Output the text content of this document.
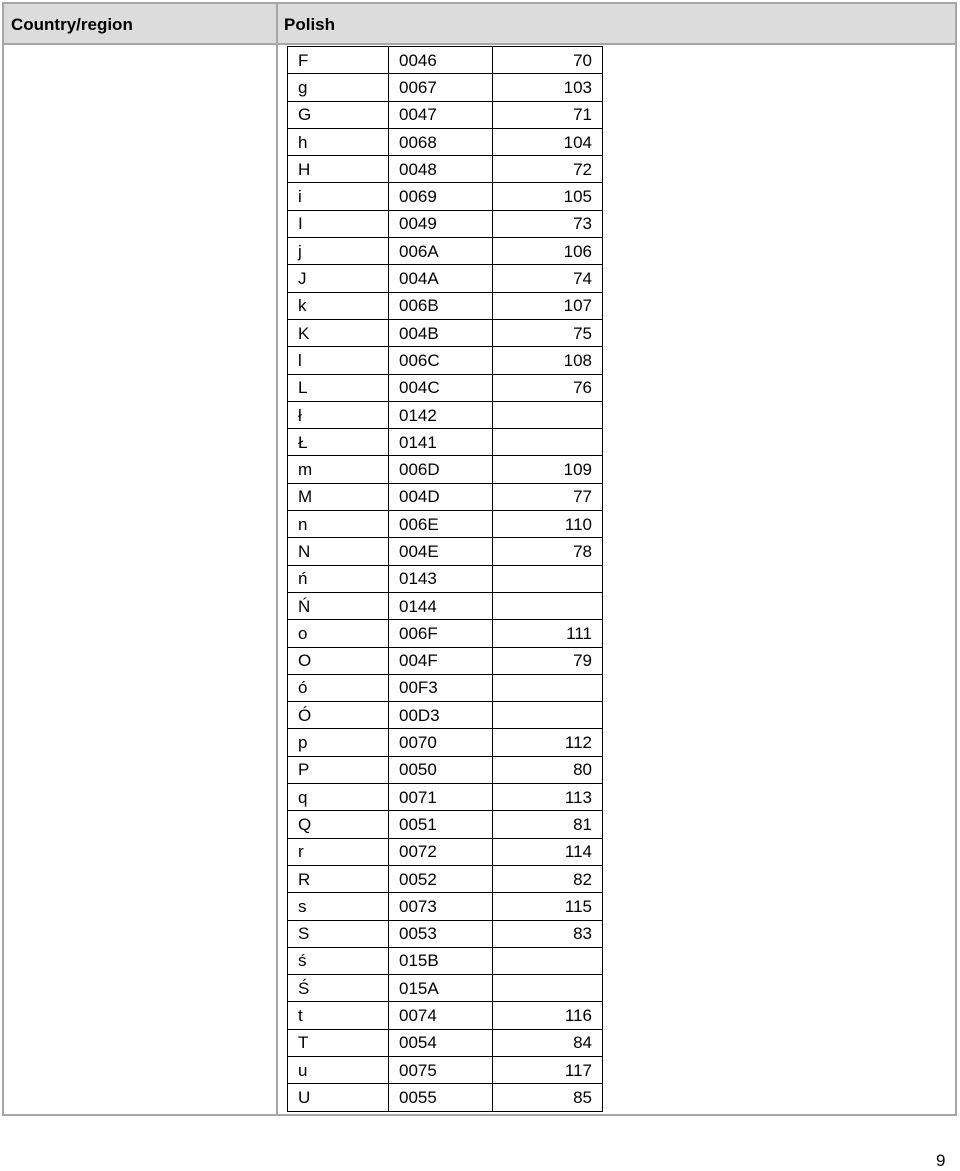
Country/region	Polish
F	0046	70
g	0067	103
G	0047	71
h	0068	104
H	0048	72
i	0069	105
I	0049	73
j	006A	106
J	004A	74
k	006B	107
K	004B	75
l	006C	108
L	004C	76
ł	0142	
Ł	0141	
m	006D	109
M	004D	77
n	006E	110
N	004E	78
ń	0143	
Ń	0144	
o	006F	111
O	004F	79
ó	00F3	
Ó	00D3	
p	0070	112
P	0050	80
q	0071	113
Q	0051	81
r	0072	114
R	0052	82
s	0073	115
S	0053	83
ś	015B	
Ś	015A	
t	0074	116
T	0054	84
u	0075	117
U	0055	85
9
